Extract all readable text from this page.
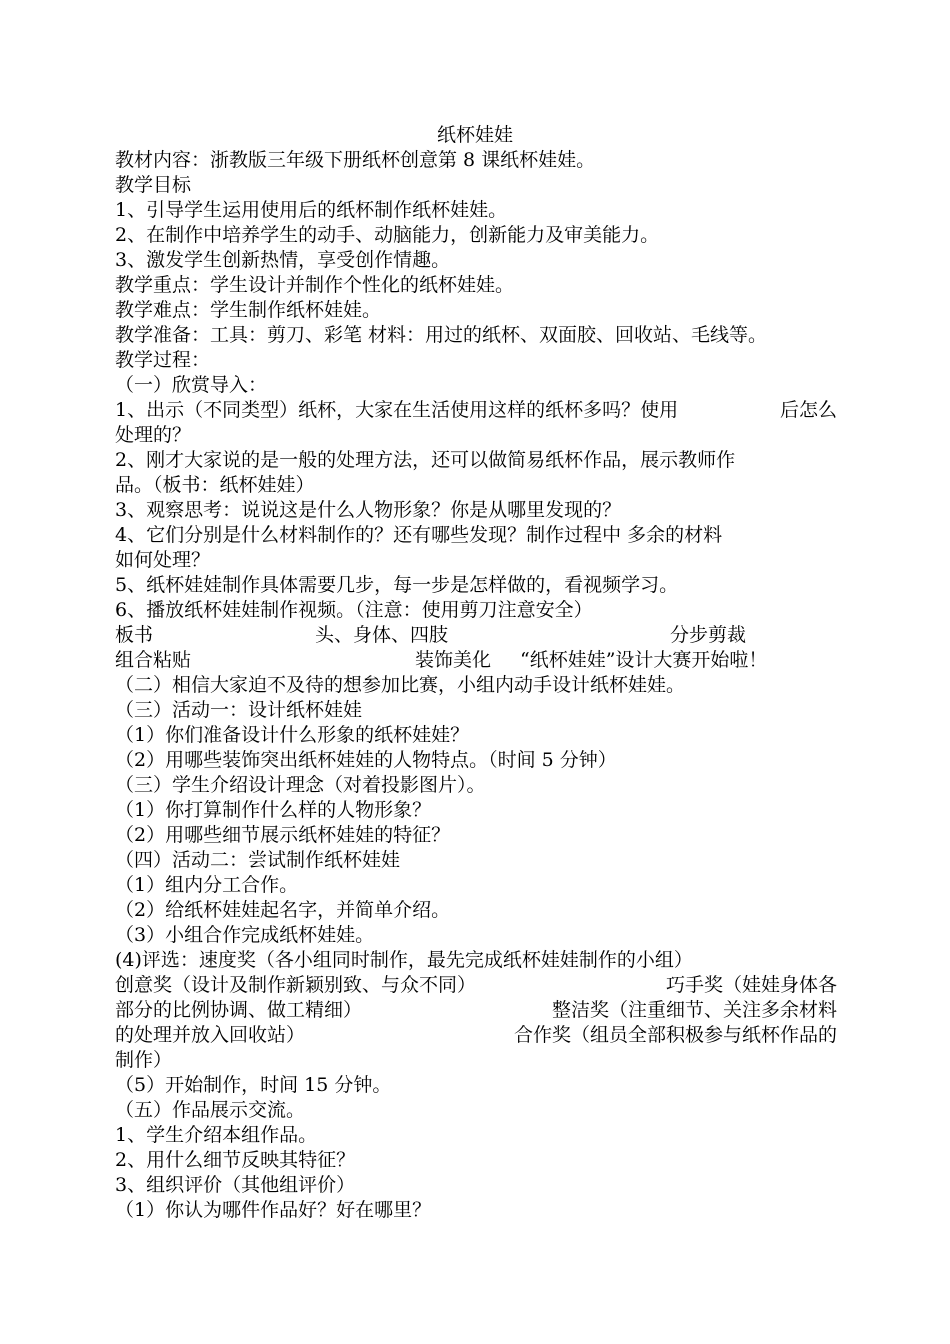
纸杯娃娃
教材内容：浙教版三年级下册纸杯创意第 8 课纸杯娃娃。
教学目标
1、引导学生运用使用后的纸杯制作纸杯娃娃。
2、在制作中培养学生的动手、动脑能力，创新能力及审美能力。
3、激发学生创新热情，享受创作情趣。
教学重点：学生设计并制作个性化的纸杯娃娃。
教学难点：学生制作纸杯娃娃。
教学准备：工具：剪刀、彩笔 材料：用过的纸杯、双面胶、回收站、毛线等。
教学过程：
（一）欣赏导入：
1、出示（不同类型）纸杯，大家在生活使用这样的纸杯多吗？使用	后怎么
处理的？
2、刚才大家说的是一般的处理方法，还可以做简易纸杯作品，展示教师作
品。（板书：纸杯娃娃）
3、观察思考：说说这是什么人物形象？你是从哪里发现的？
4、它们分别是什么材料制作的？还有哪些发现？制作过程中 多余的材料
如何处理？
5、纸杯娃娃制作具体需要几步，每一步是怎样做的，看视频学习。
6、播放纸杯娃娃制作视频。（注意：使用剪刀注意安全）
板书	头、身体、四肢	分步剪裁
组合粘贴	装饰美化 “纸杯娃娃”设计大赛开始啦！
（二）相信大家迫不及待的想参加比赛，小组内动手设计纸杯娃娃。
（三）活动一：设计纸杯娃娃
（1）你们准备设计什么形象的纸杯娃娃？
（2）用哪些装饰突出纸杯娃娃的人物特点。（时间 5 分钟）
（三）学生介绍设计理念（对着投影图片）。
（1）你打算制作什么样的人物形象？
（2）用哪些细节展示纸杯娃娃的特征？
（四）活动二：尝试制作纸杯娃娃
（1）组内分工合作。
（2）给纸杯娃娃起名字，并简单介绍。
（3）小组合作完成纸杯娃娃。
(4)评选：速度奖（各小组同时制作，最先完成纸杯娃娃制作的小组）
创意奖（设计及制作新颖别致、与众不同）	巧手奖（娃娃身体各
部分的比例协调、做工精细）	整洁奖（注重细节、关注多余材料
的处理并放入回收站）	合作奖（组员全部积极参与纸杯作品的
制作）
（5）开始制作，时间 15 分钟。
（五）作品展示交流。
1、学生介绍本组作品。
2、用什么细节反映其特征？
3、组织评价（其他组评价）
（1）你认为哪件作品好？好在哪里？
